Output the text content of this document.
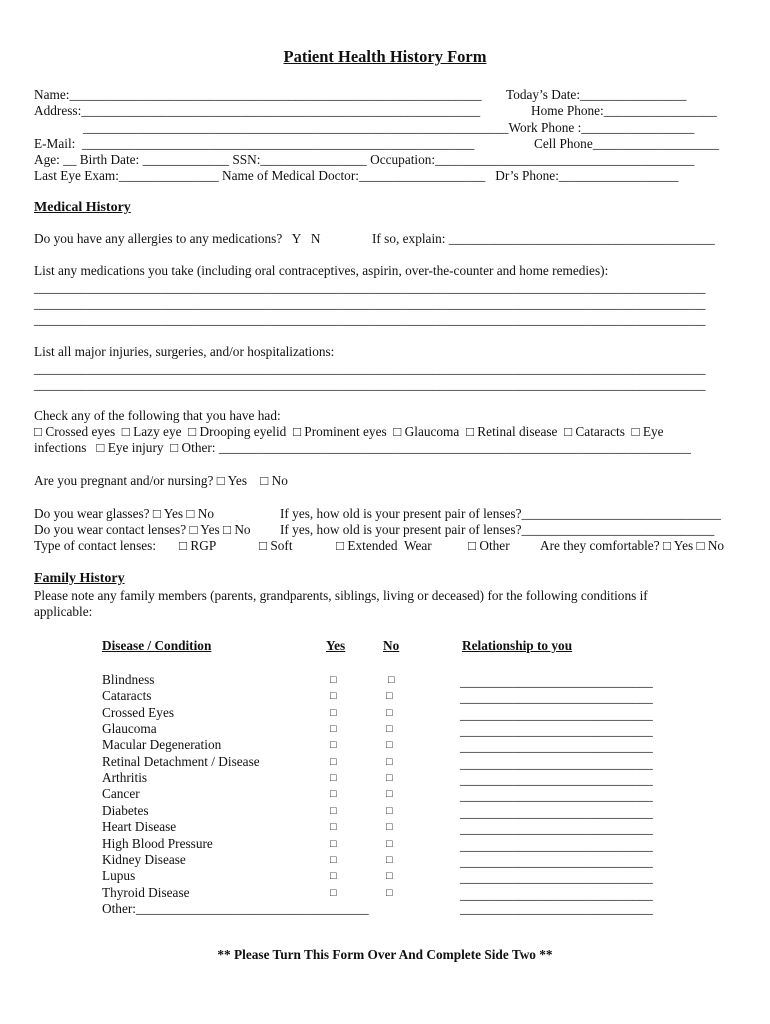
Patient Health History Form
Name:______________________________________________________________ Today’s Date:________________
Address:____________________________________________________________	Home Phone:_________________
________________________________________________________________Work Phone :_________________
E-Mail:  ___________________________________________________________	Cell Phone___________________
Age: __ Birth Date: _____________ SSN:________________ Occupation:_______________________________________
Last Eye Exam:_______________ Name of Medical Doctor:___________________   Dr’s Phone:__________________
Medical History
Do you have any allergies to any medications?   Y   N	If so, explain: ________________________________________
List any medications you take (including oral contraceptives, aspirin, over-the-counter and home remedies):
_____________________________________________________________________________________________________
_____________________________________________________________________________________________________
_____________________________________________________________________________________________________
List all major injuries, surgeries, and/or hospitalizations:
_____________________________________________________________________________________________________
_____________________________________________________________________________________________________
Check any of the following that you have had:
□ Crossed eyes  □ Lazy eye  □ Drooping eyelid  □ Prominent eyes  □ Glaucoma  □ Retinal disease  □ Cataracts  □ Eye
infections   □ Eye injury  □ Other: _______________________________________________________________________
Are you pregnant and/or nursing? □ Yes    □ No
Do you wear glasses? □ Yes □ No	If yes, how old is your present pair of lenses?______________________________
Do you wear contact lenses? □ Yes □ No If yes, how old is your present pair of lenses?_____________________________
Type of contact lenses: □ RGP	□ Soft	□ Extended  Wear	□ Other Are they comfortable? □ Yes □ No
Family History
Please note any family members (parents, grandparents, siblings, living or deceased) for the following conditions if
applicable:
Disease / Condition	Yes	No	Relationship to you
Blindness	□	□	_____________________________
Cataracts	□	□	_____________________________
Crossed Eyes	□	□	_____________________________
Glaucoma	□	□	_____________________________
Macular Degeneration	□	□	_____________________________
Retinal Detachment / Disease	□	□	_____________________________
Arthritis	□	□	_____________________________
Cancer	□	□	_____________________________
Diabetes	□	□	_____________________________
Heart Disease	□	□	_____________________________
High Blood Pressure	□	□	_____________________________
Kidney Disease	□	□	_____________________________
Lupus	□	□	_____________________________
Thyroid Disease	□	□	_____________________________
Other:___________________________________	_____________________________
** Please Turn This Form Over And Complete Side Two **
